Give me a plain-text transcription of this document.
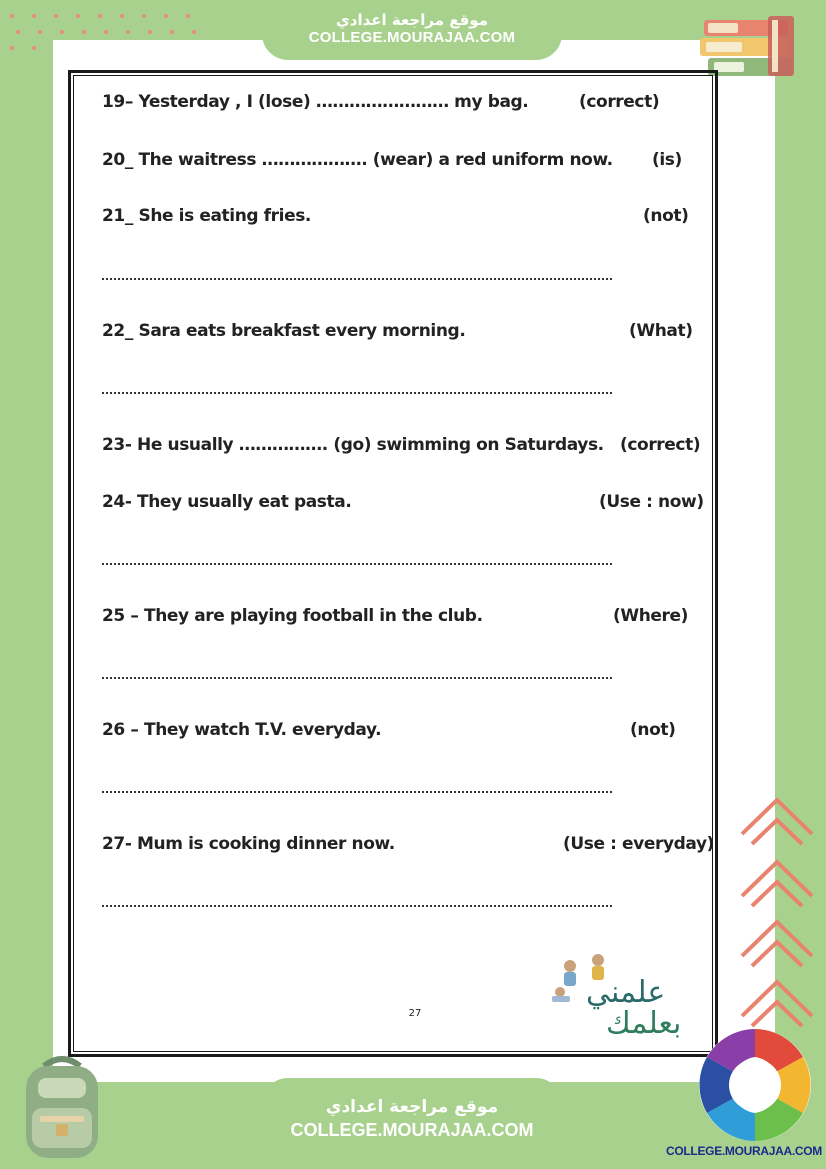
موقع مراجعة اعدادي
COLLEGE.MOURAJAA.COM
19– Yesterday , I (lose) …………………… my bag.	(correct)
20_ The waitress ………………. (wear) a red uniform now. (is)
21_ She is eating fries.	(not)
22_ Sara eats breakfast every morning.	(What)
23- He usually ……………. (go) swimming on Saturdays. (correct)
24- They usually eat pasta.	(Use : now)
25 – They are playing football in the club.	(Where)
26 – They watch T.V. everyday.	(not)
27- Mum is cooking dinner now.	(Use : everyday)
علمني
بعلمك
27
موقع مراجعة اعدادي
COLLEGE.MOURAJAA.COM
COLLEGE.MOURAJAA.COM
